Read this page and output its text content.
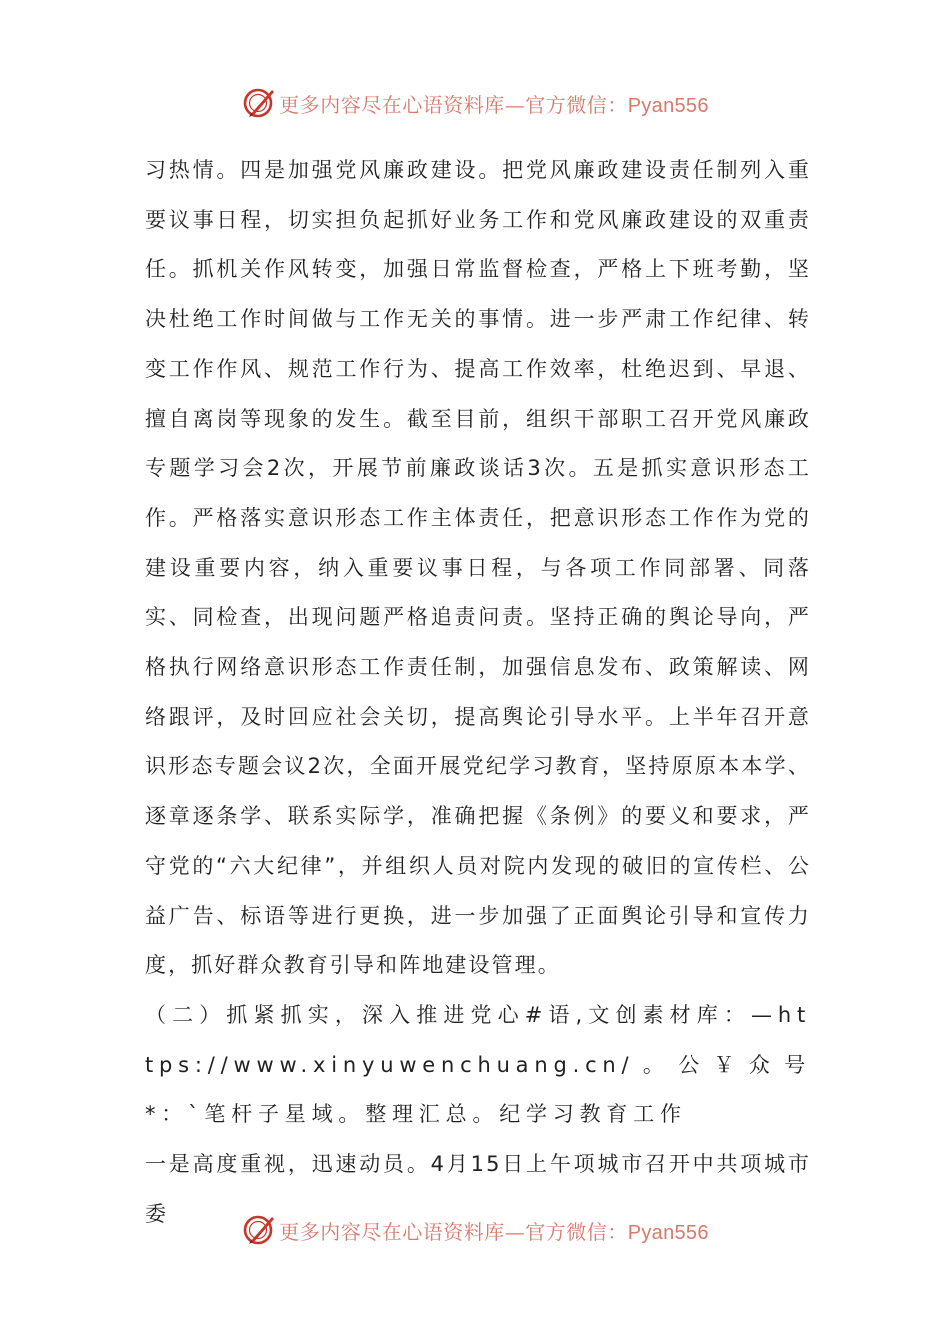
更多内容尽在心语资料库—官方微信：Pyan556

习热情。四是加强党风廉政建设。把党风廉政建设责任制列入重要议事日程，切实担负起抓好业务工作和党风廉政建设的双重责任。抓机关作风转变，加强日常监督检查，严格上下班考勤，坚决杜绝工作时间做与工作无关的事情。进一步严肃工作纪律、转变工作作风、规范工作行为、提高工作效率，杜绝迟到、早退、擅自离岗等现象的发生。截至目前，组织干部职工召开党风廉政专题学习会2次，开展节前廉政谈话3次。五是抓实意识形态工作。严格落实意识形态工作主体责任，把意识形态工作作为党的建设重要内容，纳入重要议事日程，与各项工作同部署、同落实、同检查，出现问题严格追责问责。坚持正确的舆论导向，严格执行网络意识形态工作责任制，加强信息发布、政策解读、网络跟评，及时回应社会关切，提高舆论引导水平。上半年召开意识形态专题会议2次，全面开展党纪学习教育，坚持原原本本学、逐章逐条学、联系实际学，准确把握《条例》的要义和要求，严守党的“六大纪律”，并组织人员对院内发现的破旧的宣传栏、公益广告、标语等进行更换，进一步加强了正面舆论引导和宣传力度，抓好群众教育引导和阵地建设管理。

（二）抓紧抓实，深入推进党心#语,文创素材库：—https://www.xinyuwenchuang.cn/。公￥众号*：`笔杆子星域。整理汇总。纪学习教育工作

一是高度重视，迅速动员。4月15日上午项城市召开中共项城市委

更多内容尽在心语资料库—官方微信：Pyan556
